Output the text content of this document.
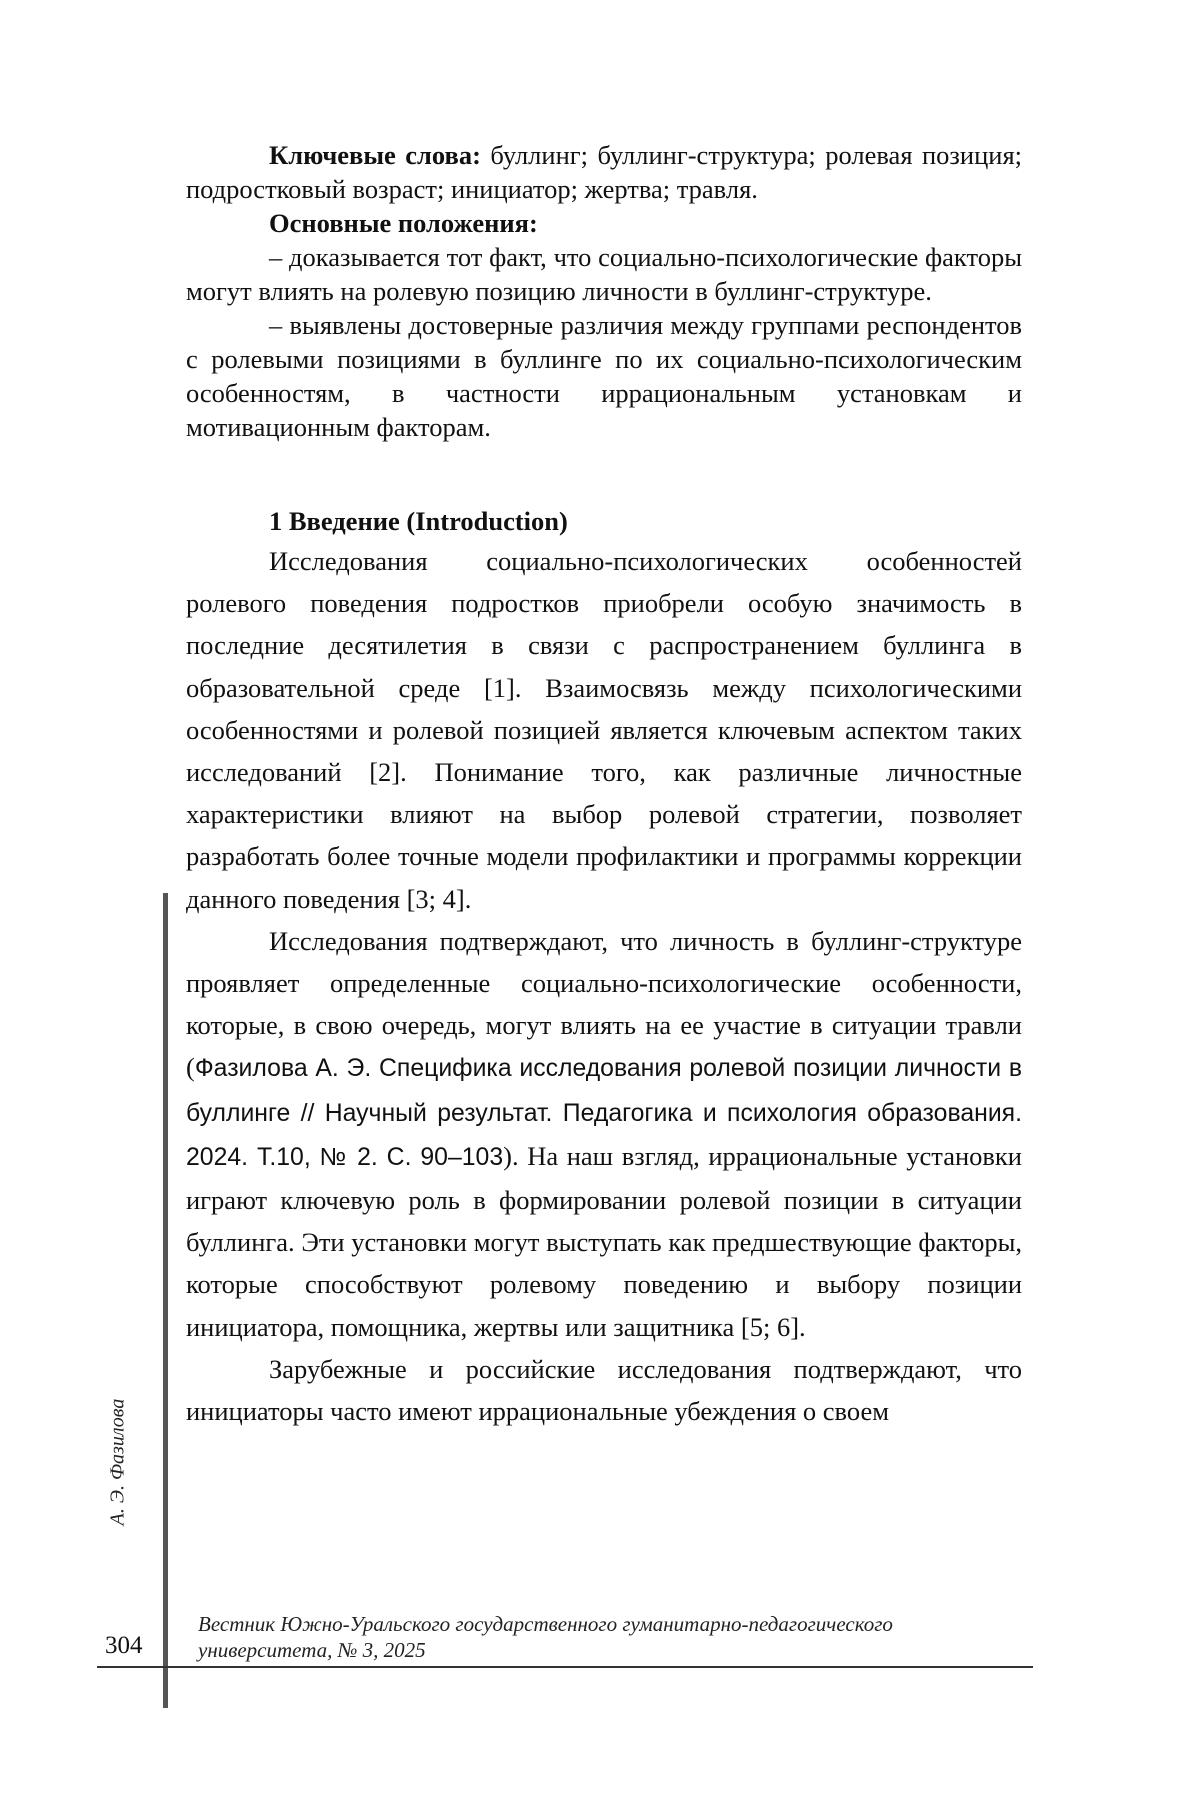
Ключевые слова: буллинг; буллинг-структура; ролевая позиция; подростковый возраст; инициатор; жертва; травля.

Основные положения:

– доказывается тот факт, что социально-психологические факторы могут влиять на ролевую позицию личности в буллинг-структуре.

– выявлены достоверные различия между группами респондентов с ролевыми позициями в буллинге по их социально-психологическим особенностям, в частности иррациональным установкам и мотивационным факторам.

1 Введение (Introduction)

Исследования социально-психологических особенностей ролевого поведения подростков приобрели особую значимость в последние десятилетия в связи с распространением буллинга в образовательной среде [1]. Взаимосвязь между психологическими особенностями и ролевой позицией является ключевым аспектом таких исследований [2]. Понимание того, как различные личностные характеристики влияют на выбор ролевой стратегии, позволяет разработать более точные модели профилактики и программы коррекции данного поведения [3; 4].

Исследования подтверждают, что личность в буллинг-структуре проявляет определенные социально-психологические особенности, которые, в свою очередь, могут влиять на ее участие в ситуации травли (Фазилова А. Э. Специфика исследования ролевой позиции личности в буллинге // Научный результат. Педагогика и психология образования. 2024. Т.10, № 2. С. 90–103). На наш взгляд, иррациональные установки играют ключевую роль в формировании ролевой позиции в ситуации буллинга. Эти установки могут выступать как предшествующие факторы, которые способствуют ролевому поведению и выбору позиции инициатора, помощника, жертвы или защитника [5; 6].

Зарубежные и российские исследования подтверждают, что инициаторы часто имеют иррациональные убеждения о своем

А. Э. Фазилова
Вестник Южно-Уральского государственного гуманитарно-педагогического университета, № 3, 2025
304
